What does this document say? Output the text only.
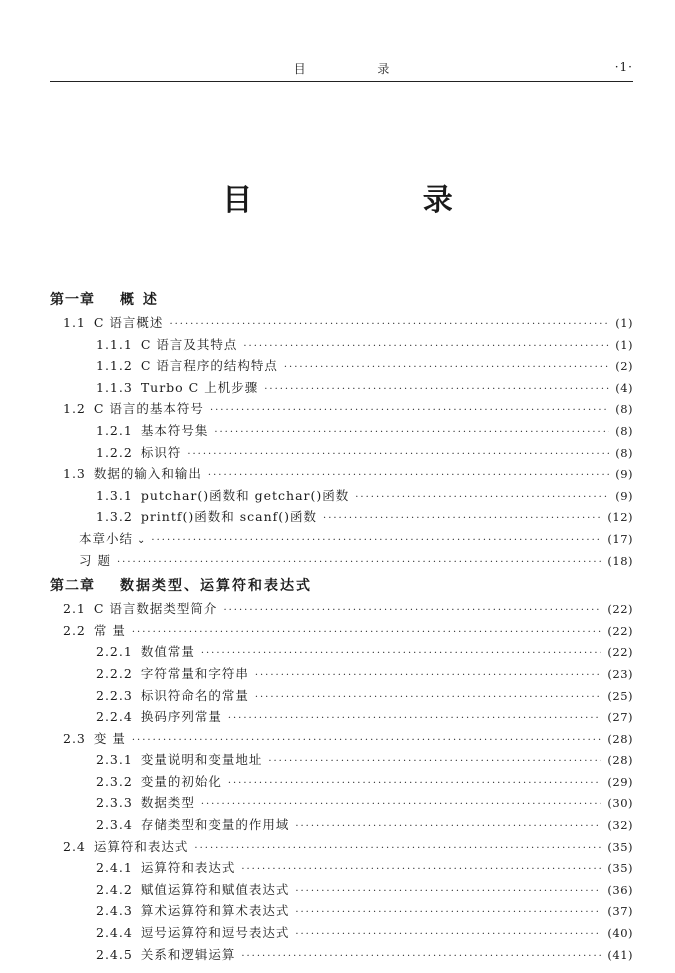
目 录	·1·
目 录
第一章	概 述
1.1 C 语言概述 ·····	(1)
1.1.1 C 语言及其特点 ·····	(1)
1.1.2 C 语言程序的结构特点 ·····	(2)
1.1.3 Turbo C 上机步骤 ·····	(4)
1.2 C 语言的基本符号 ·····	(8)
1.2.1 基本符号集 ·····	(8)
1.2.2 标识符 ·····	(8)
1.3 数据的输入和输出 ·····	(9)
1.3.1 putchar()函数和 getchar()函数 ·····	(9)
1.3.2 printf()函数和 scanf()函数 ·····	(12)
本章小结 ⌄ ·····	(17)
习 题 ·····	(18)
第二章	数据类型、运算符和表达式
2.1 C 语言数据类型简介 ·····	(22)
2.2 常 量 ·····	(22)
2.2.1 数值常量 ·····	(22)
2.2.2 字符常量和字符串 ·····	(23)
2.2.3 标识符命名的常量 ·····	(25)
2.2.4 换码序列常量 ·····	(27)
2.3 变 量 ·····	(28)
2.3.1 变量说明和变量地址 ·····	(28)
2.3.2 变量的初始化 ·····	(29)
2.3.3 数据类型 ·····	(30)
2.3.4 存储类型和变量的作用域 ·····	(32)
2.4 运算符和表达式 ·····	(35)
2.4.1 运算符和表达式 ·····	(35)
2.4.2 赋值运算符和赋值表达式 ·····	(36)
2.4.3 算术运算符和算术表达式 ·····	(37)
2.4.4 逗号运算符和逗号表达式 ·····	(40)
2.4.5 关系和逻辑运算 ·····	(41)
